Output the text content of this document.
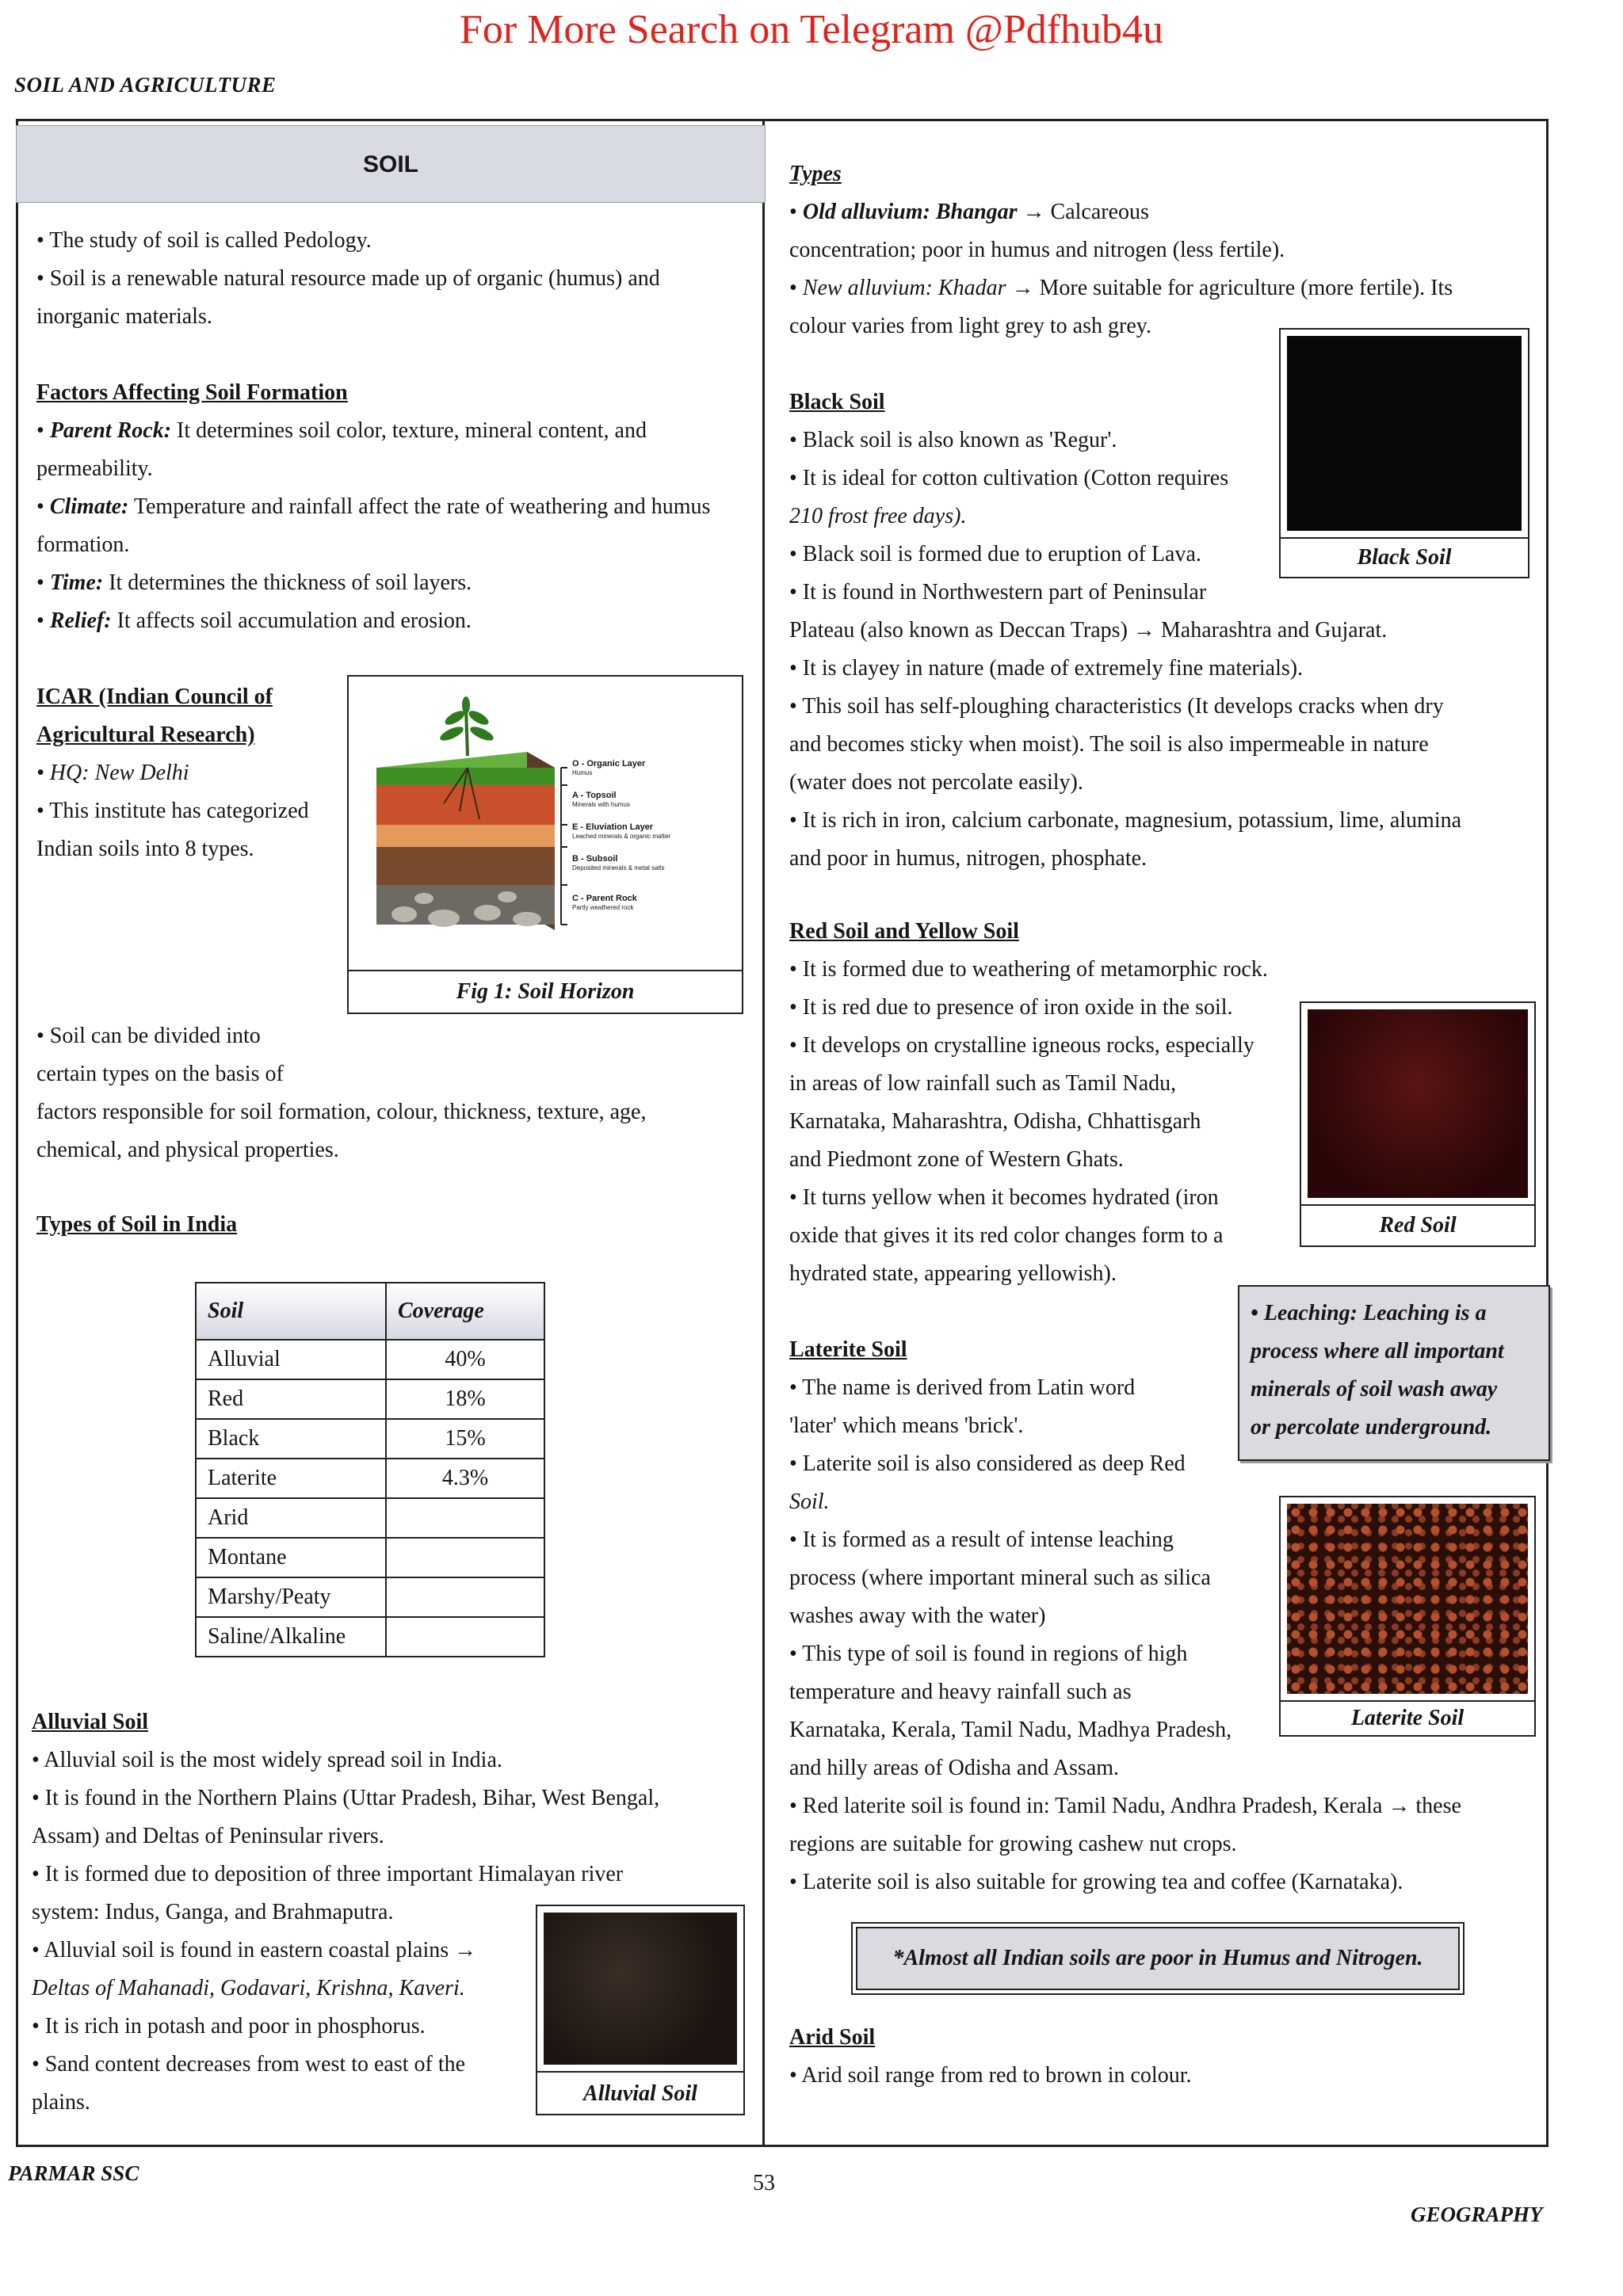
For More Search on Telegram @Pdfhub4u
SOIL AND AGRICULTURE
SOIL

• The study of soil is called Pedology.

• Soil is a renewable natural resource made up of organic (humus) and inorganic materials.

Factors Affecting Soil Formation

• Parent Rock: It determines soil color, texture, mineral content, and permeability.

• Climate: Temperature and rainfall affect the rate of weathering and humus formation.

• Time: It determines the thickness of soil layers.

• Relief: It affects soil accumulation and erosion.

ICAR (Indian Council of

Agricultural Research)

• HQ: New Delhi

• This institute has categorized

Indian soils into 8 types.

O - Organic Layer
Humus
A - Topsoil
Minerals with humus
E - Eluviation Layer
Leached minerals & organic matter
B - Subsoil
Deposited minerals & metal salts
C - Parent Rock
Partly weathered rock
Fig 1: Soil Horizon

• Soil can be divided into

certain types on the basis of

factors responsible for soil formation, colour, thickness, texture, age,

chemical, and physical properties.

Types of Soil in India

Soil	Coverage
Alluvial	40%
Red	18%
Black	15%
Laterite	4.3%
Arid	
Montane	
Marshy/Peaty	
Saline/Alkaline	

Alluvial Soil

• Alluvial soil is the most widely spread soil in India.

• It is found in the Northern Plains (Uttar Pradesh, Bihar, West Bengal,

Assam) and Deltas of Peninsular rivers.

• It is formed due to deposition of three important Himalayan river

system: Indus, Ganga, and Brahmaputra.

• Alluvial soil is found in eastern coastal plains →

Deltas of Mahanadi, Godavari, Krishna, Kaveri.

• It is rich in potash and poor in phosphorus.

• Sand content decreases from west to east of the

plains.	Alluvial Soil

Types

• Old alluvium: Bhangar → Calcareous

concentration; poor in humus and nitrogen (less fertile).

• New alluvium: Khadar → More suitable for agriculture (more fertile). Its

colour varies from light grey to ash grey.

Black Soil

Black Soil

• Black soil is also known as 'Regur'.

• It is ideal for cotton cultivation (Cotton requires

210 frost free days).

• Black soil is formed due to eruption of Lava.

• It is found in Northwestern part of Peninsular

Plateau (also known as Deccan Traps) → Maharashtra and Gujarat.

• It is clayey in nature (made of extremely fine materials).

• This soil has self-ploughing characteristics (It develops cracks when dry

and becomes sticky when moist). The soil is also impermeable in nature

(water does not percolate easily).

• It is rich in iron, calcium carbonate, magnesium, potassium, lime, alumina

and poor in humus, nitrogen, phosphate.

Red Soil

Red Soil and Yellow Soil

• It is formed due to weathering of metamorphic rock.

• It is red due to presence of iron oxide in the soil.

• It develops on crystalline igneous rocks, especially

in areas of low rainfall such as Tamil Nadu,

Karnataka, Maharashtra, Odisha, Chhattisgarh

and Piedmont zone of Western Ghats.

• It turns yellow when it becomes hydrated (iron

oxide that gives it its red color changes form to a

hydrated state, appearing yellowish).

• Leaching: Leaching is a

process where all important

minerals of soil wash away

or percolate underground.

Laterite Soil

Laterite Soil

• The name is derived from Latin word

'later' which means 'brick'.

• Laterite soil is also considered as deep Red

Soil.

• It is formed as a result of intense leaching

process (where important mineral such as silica

washes away with the water)

• This type of soil is found in regions of high

temperature and heavy rainfall such as

Karnataka, Kerala, Tamil Nadu, Madhya Pradesh,

and hilly areas of Odisha and Assam.

• Red laterite soil is found in: Tamil Nadu, Andhra Pradesh, Kerala → these

regions are suitable for growing cashew nut crops.

• Laterite soil is also suitable for growing tea and coffee (Karnataka).

*Almost all Indian soils are poor in Humus and Nitrogen.

Arid Soil

• Arid soil range from red to brown in colour.

PARMAR SSC	53
GEOGRAPHY
